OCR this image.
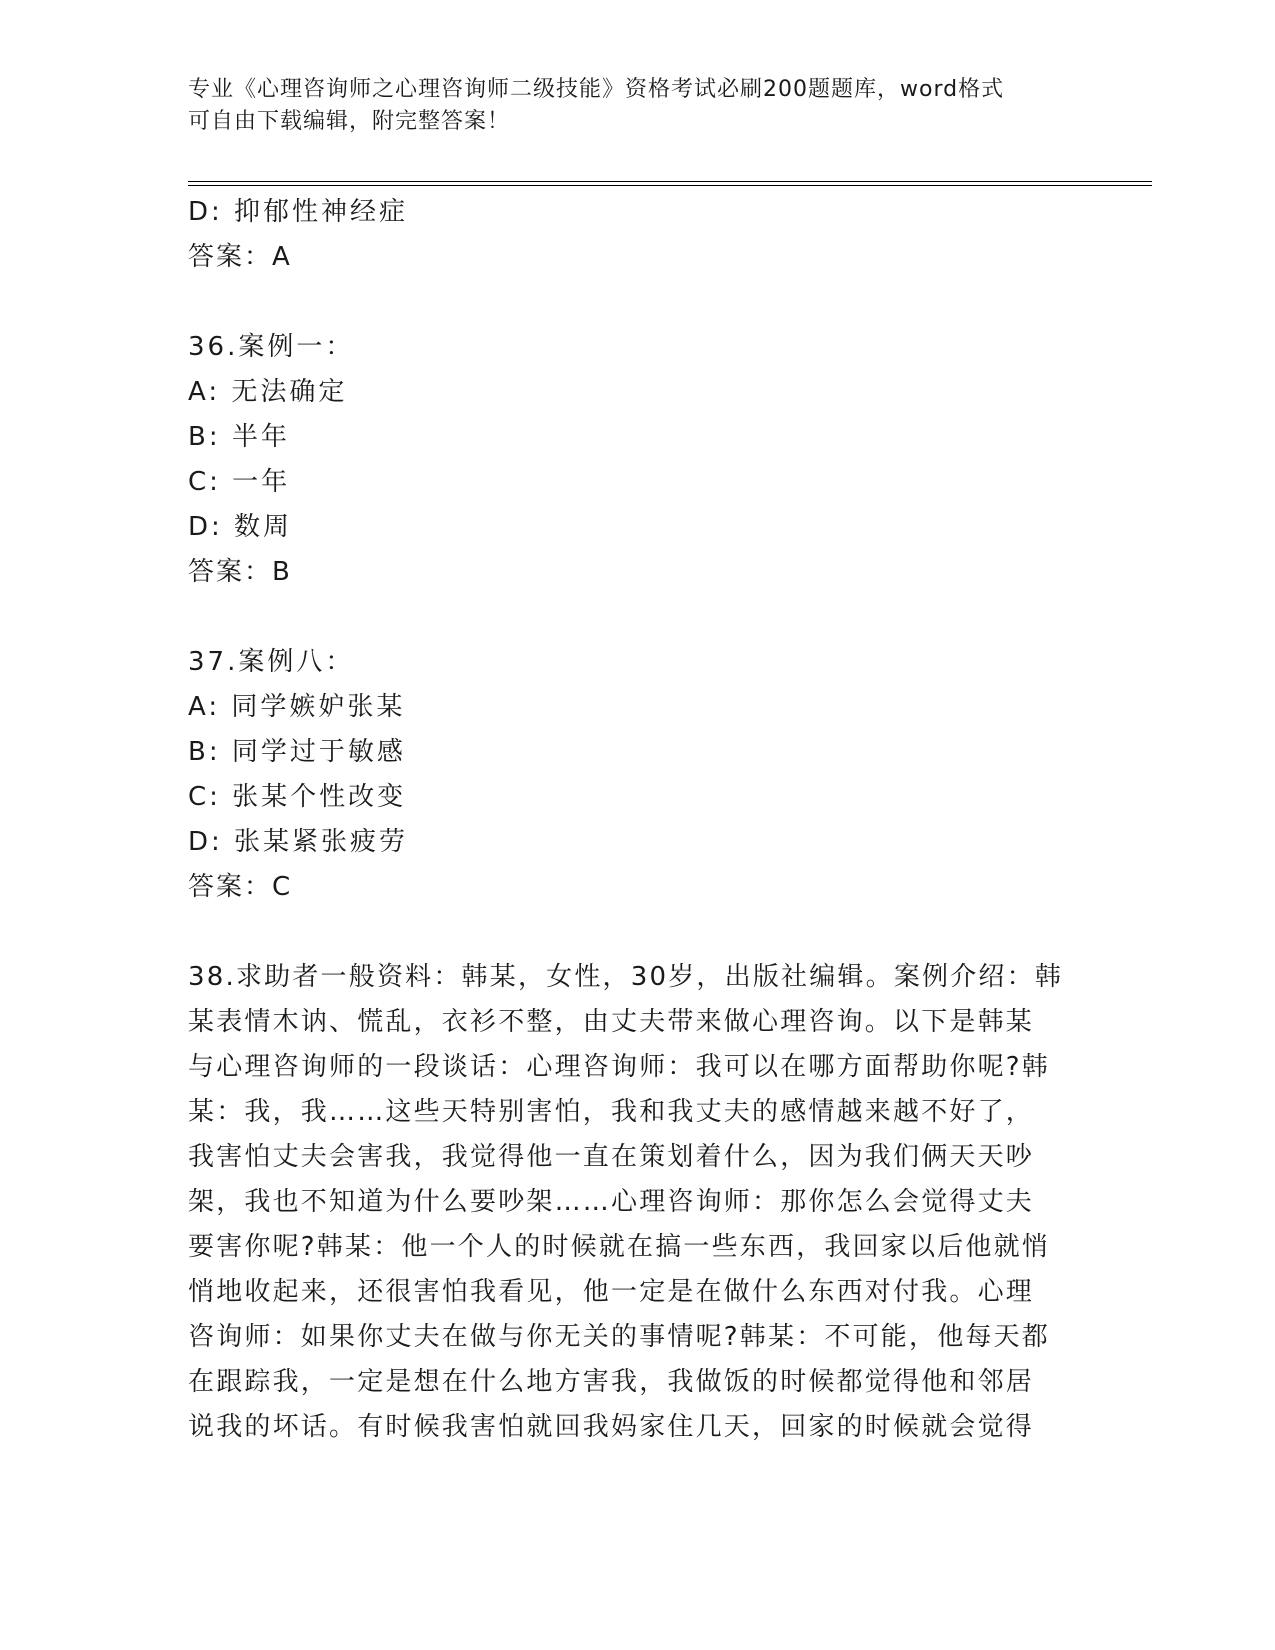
专业《心理咨询师之心理咨询师二级技能》资格考试必刷200题题库，word格式
可自由下载编辑，附完整答案！
D: 抑郁性神经症
答案：A
36.案例一：
A: 无法确定
B: 半年
C: 一年
D: 数周
答案：B
37.案例八：
A: 同学嫉妒张某
B: 同学过于敏感
C: 张某个性改变
D: 张某紧张疲劳
答案：C
38.求助者一般资料：韩某，女性，30岁，出版社编辑。案例介绍：韩
某表情木讷、慌乱，衣衫不整，由丈夫带来做心理咨询。以下是韩某
与心理咨询师的一段谈话：心理咨询师：我可以在哪方面帮助你呢?韩
某：我，我……这些天特别害怕，我和我丈夫的感情越来越不好了，
我害怕丈夫会害我，我觉得他一直在策划着什么，因为我们俩天天吵
架，我也不知道为什么要吵架……心理咨询师：那你怎么会觉得丈夫
要害你呢?韩某：他一个人的时候就在搞一些东西，我回家以后他就悄
悄地收起来，还很害怕我看见，他一定是在做什么东西对付我。心理
咨询师：如果你丈夫在做与你无关的事情呢?韩某：不可能，他每天都
在跟踪我，一定是想在什么地方害我，我做饭的时候都觉得他和邻居
说我的坏话。有时候我害怕就回我妈家住几天，回家的时候就会觉得
